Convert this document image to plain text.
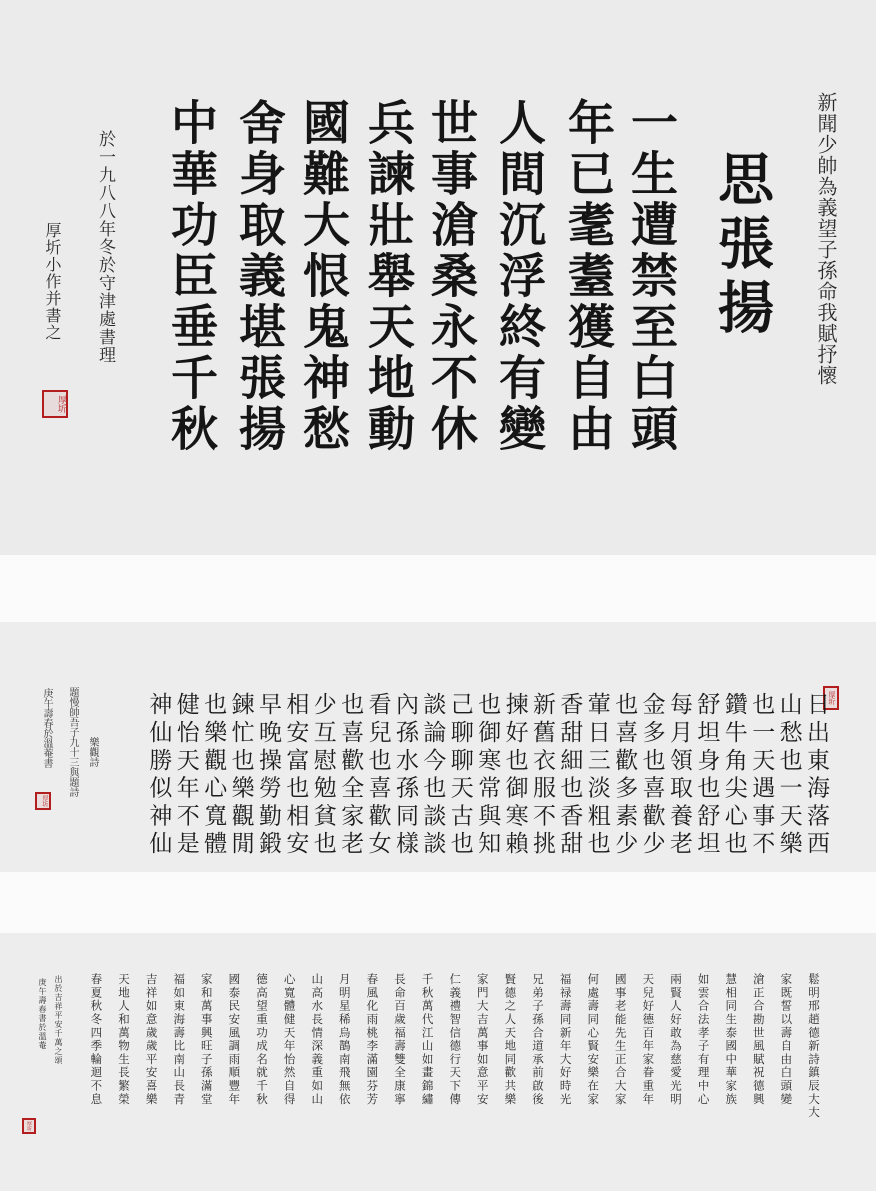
新聞少帥為義望子孫命我賦抒懷
思張揚
一生遭禁至白頭
年已耄耋獲自由
人間沉浮終有變
世事滄桑永不休
兵諫壯舉天地動
國難大恨鬼神愁
舍身取義堪張揚
中華功臣垂千秋
於一九八八年冬於守津處書理
厚圻小作并書之
厚圻
厚圻
日出東海落西
山愁也一天樂
也一天遇事不
鑽牛角尖心也
舒坦身也舒坦
每月領取養老
金多也喜歡少
也喜歡多素少
葷日三淡粗也
香甜細也香甜
新舊衣服不挑
揀好也御寒賴
也御寒常與知
己聊聊天古也
談論今也談談
內孫水孫同樣
看兒也喜歡女
也喜歡全家老
少互慰勉貧也
相安富也相安
早晚操勞勤鍛
鍊忙也樂觀閒
也樂觀心寬體
健怡天年不是
神仙勝似神仙
樂觀詩
題慢帥吾子九十三與題詩
庚午壽春於溫菴書
厚圻
鬆明邢趙德新詩鎮辰大大
家既誓以壽自由白頭變
滄正合勘世風賦祝德興
慧相同生泰國中華家族
如雲合法孝子有理中心
兩賢人好敢為慈愛光明
天兒好德百年家眷重年
國事老能先生正合大家
何處壽同心賢安樂在家
福禄壽同新年大好時光
兄弟子孫合道承前啟後
賢德之人天地同歡共樂
家門大吉萬事如意平安
仁義禮智信德行天下傳
千秋萬代江山如畫錦繡
長命百歲福壽雙全康寧
春風化雨桃李滿園芬芳
月明星稀烏鵲南飛無依
山高水長情深義重如山
心寬體健天年怡然自得
德高望重功成名就千秋
國泰民安風調雨順豐年
家和萬事興旺子孫滿堂
福如東海壽比南山長青
吉祥如意歲歲平安喜樂
天地人和萬物生長繁榮
春夏秋冬四季輪迴不息
出於吉祥平安千萬之頌
庚午壽春書於溫菴
厚圻
